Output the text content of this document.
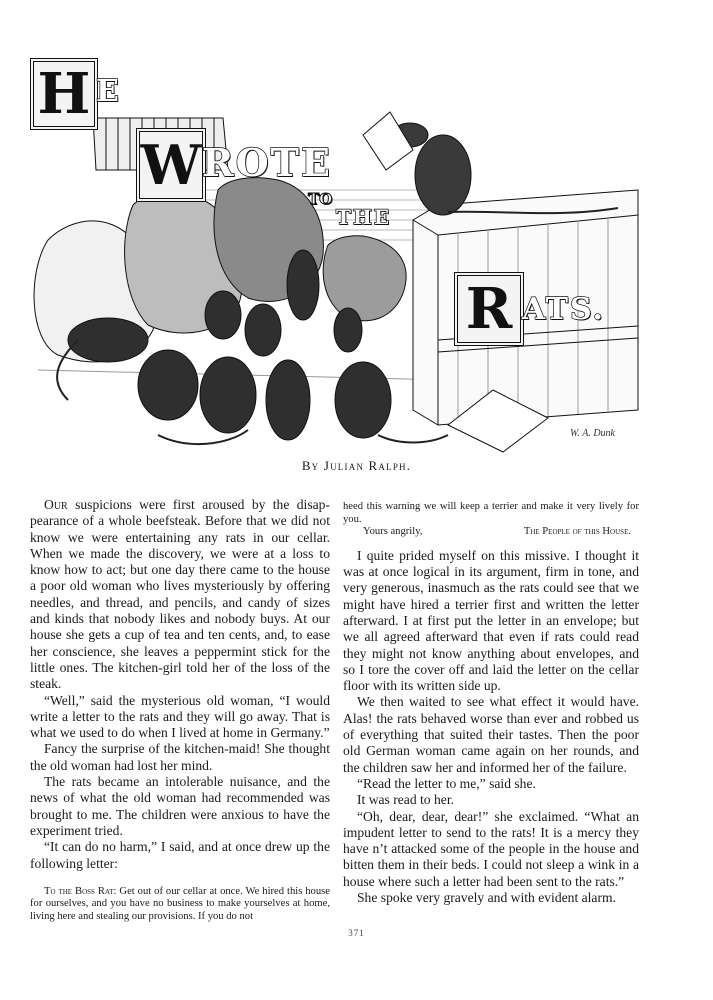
H E
W ROTE
TO
THE
R ATS.
W. A. Dunk
By Julian Ralph.

Our suspicions were first aroused by the disappearance of a whole beefsteak. Before that we did not know we were entertaining any rats in our cellar. When we made the discovery, we were at a loss to know how to act; but one day there came to the house a poor old woman who lives mysteriously by offering needles, and thread, and pencils, and candy of sizes and kinds that nobody likes and nobody buys. At our house she gets a cup of tea and ten cents, and, to ease her conscience, she leaves a peppermint stick for the little ones. The kitchen-girl told her of the loss of the steak.

“Well,” said the mysterious old woman, “I would write a letter to the rats and they will go away. That is what we used to do when I lived at home in Germany.”

Fancy the surprise of the kitchen-maid! She thought the old woman had lost her mind.

The rats became an intolerable nuisance, and the news of what the old woman had recommended was brought to me. The children were anxious to have the experiment tried.

“It can do no harm,” I said, and at once drew up the following letter:

To the Boss Rat: Get out of our cellar at once. We hired this house for ourselves, and you have no business to make yourselves at home, living here and stealing our provisions. If you do not

heed this warning we will keep a terrier and make it very lively for you.

Yours angrily,	The People of this House.

I quite prided myself on this missive. I thought it was at once logical in its argument, firm in tone, and very generous, inasmuch as the rats could see that we might have hired a terrier first and written the letter afterward. I at first put the letter in an envelope; but we all agreed afterward that even if rats could read they might not know anything about envelopes, and so I tore the cover off and laid the letter on the cellar floor with its written side up.

We then waited to see what effect it would have. Alas! the rats behaved worse than ever and robbed us of everything that suited their tastes. Then the poor old German woman came again on her rounds, and the children saw her and informed her of the failure.

“Read the letter to me,” said she.

It was read to her.

“Oh, dear, dear, dear!” she exclaimed. “What an impudent letter to send to the rats! It is a mercy they have n’t attacked some of the people in the house and bitten them in their beds. I could not sleep a wink in a house where such a letter had been sent to the rats.”

She spoke very gravely and with evident alarm.

371
